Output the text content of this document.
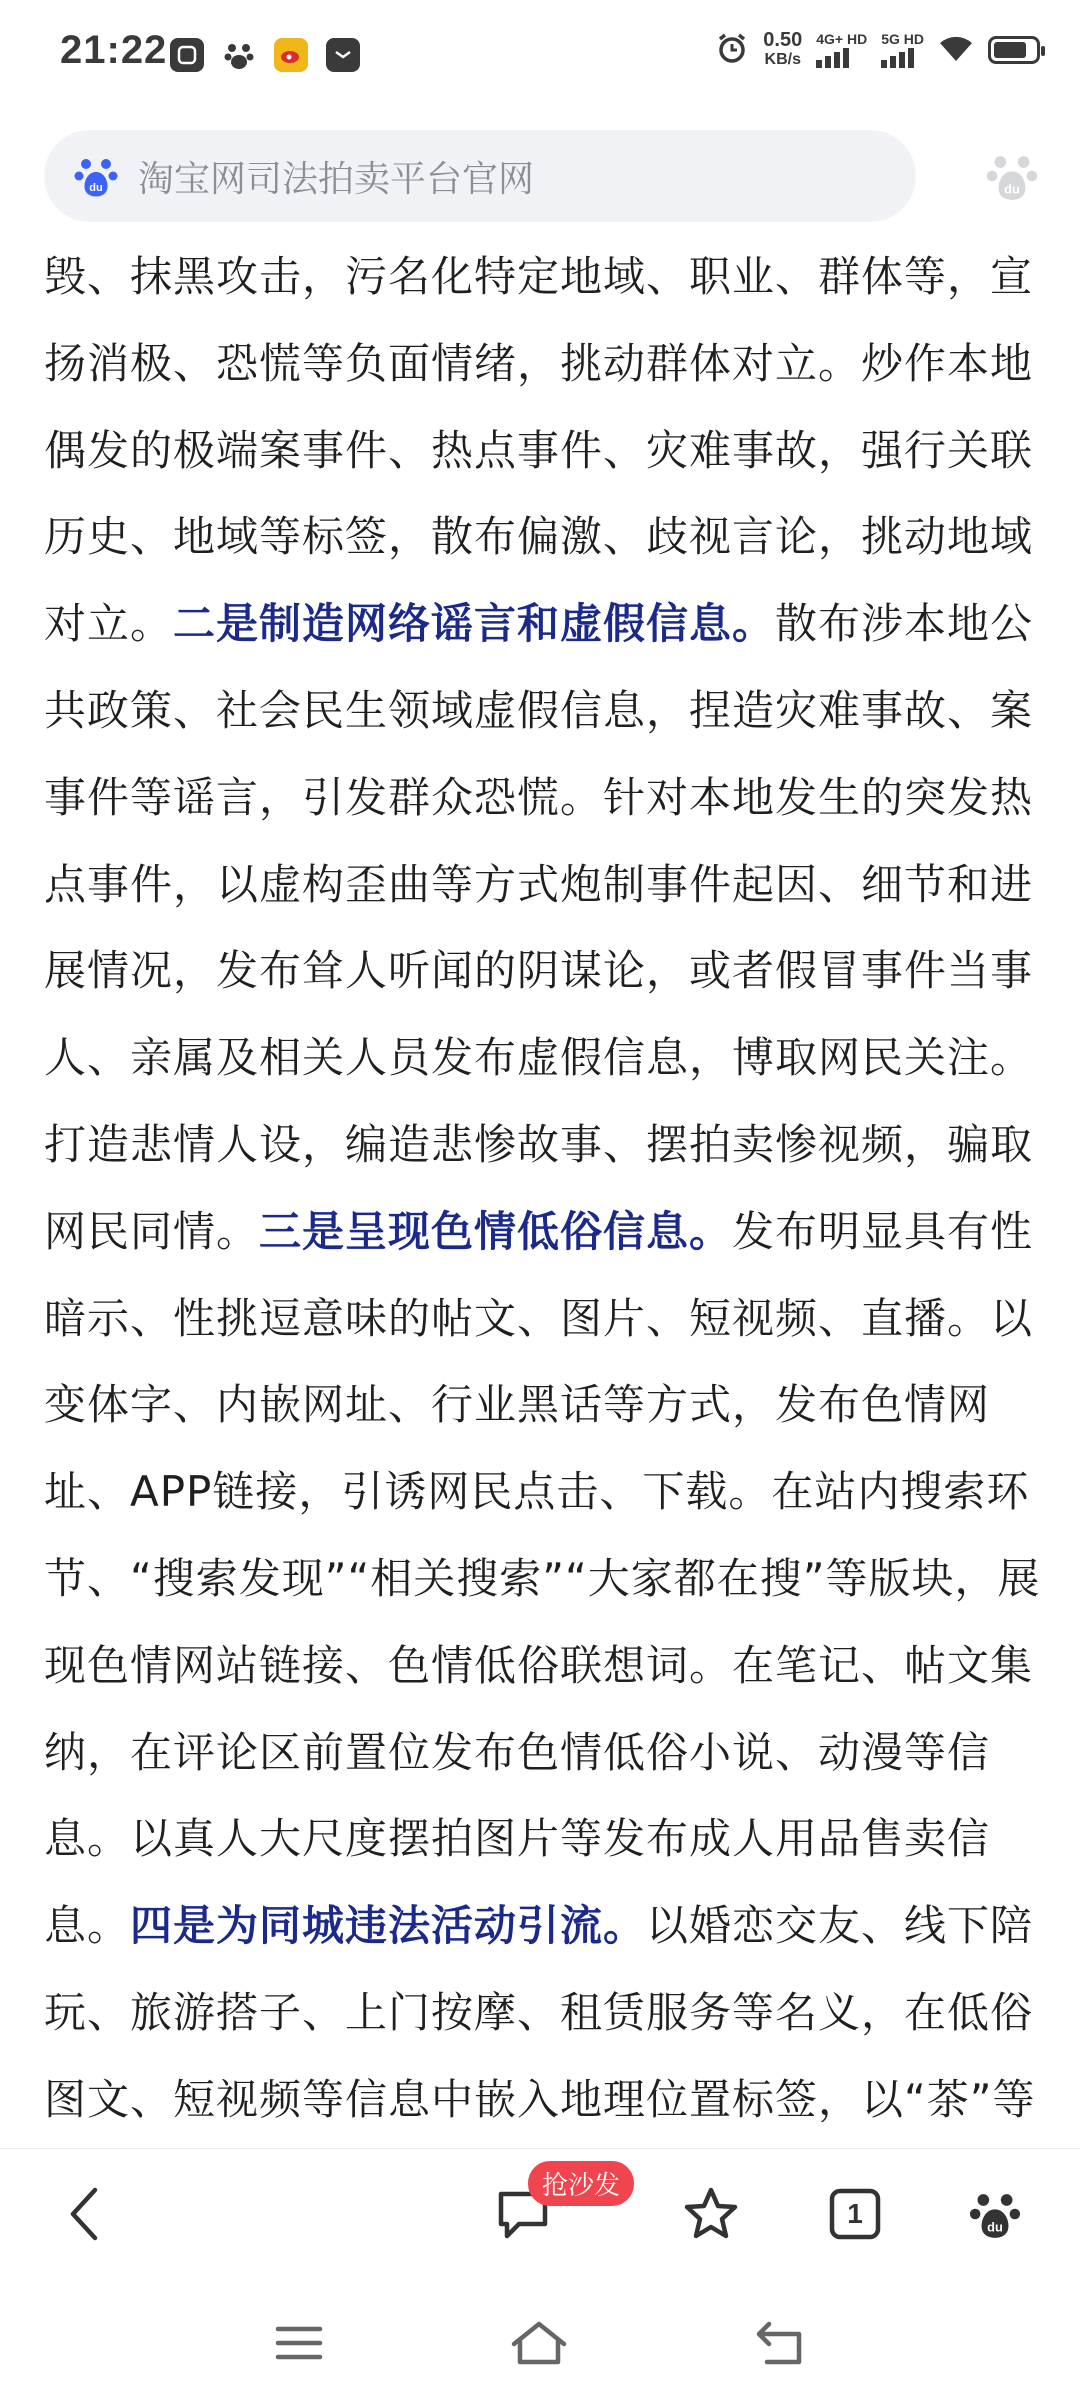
21:22	0.50
KB/s
4G+ HD 5G HD
du 淘宝网司法拍卖平台官网	du
毁、抹黑攻击，污名化特定地域、职业、群体等，宣
扬消极、恐慌等负面情绪，挑动群体对立。炒作本地
偶发的极端案事件、热点事件、灾难事故，强行关联
历史、地域等标签，散布偏激、歧视言论，挑动地域
对立。二是制造网络谣言和虚假信息。散布涉本地公
共政策、社会民生领域虚假信息，捏造灾难事故、案
事件等谣言，引发群众恐慌。针对本地发生的突发热
点事件，以虚构歪曲等方式炮制事件起因、细节和进
展情况，发布耸人听闻的阴谋论，或者假冒事件当事
人、亲属及相关人员发布虚假信息，博取网民关注。
打造悲情人设，编造悲惨故事、摆拍卖惨视频，骗取
网民同情。三是呈现色情低俗信息。发布明显具有性
暗示、性挑逗意味的帖文、图片、短视频、直播。以
变体字、内嵌网址、行业黑话等方式，发布色情网
址、APP链接，引诱网民点击、下载。在站内搜索环
节、“搜索发现”“相关搜索”“大家都在搜”等版块，展
现色情网站链接、色情低俗联想词。在笔记、帖文集
纳，在评论区前置位发布色情低俗小说、动漫等信
息。以真人大尺度摆拍图片等发布成人用品售卖信
息。四是为同城违法活动引流。以婚恋交友、线下陪
玩、旅游搭子、上门按摩、租赁服务等名义，在低俗
图文、短视频等信息中嵌入地理位置标签，以“茶”等
抢沙发
1	du
